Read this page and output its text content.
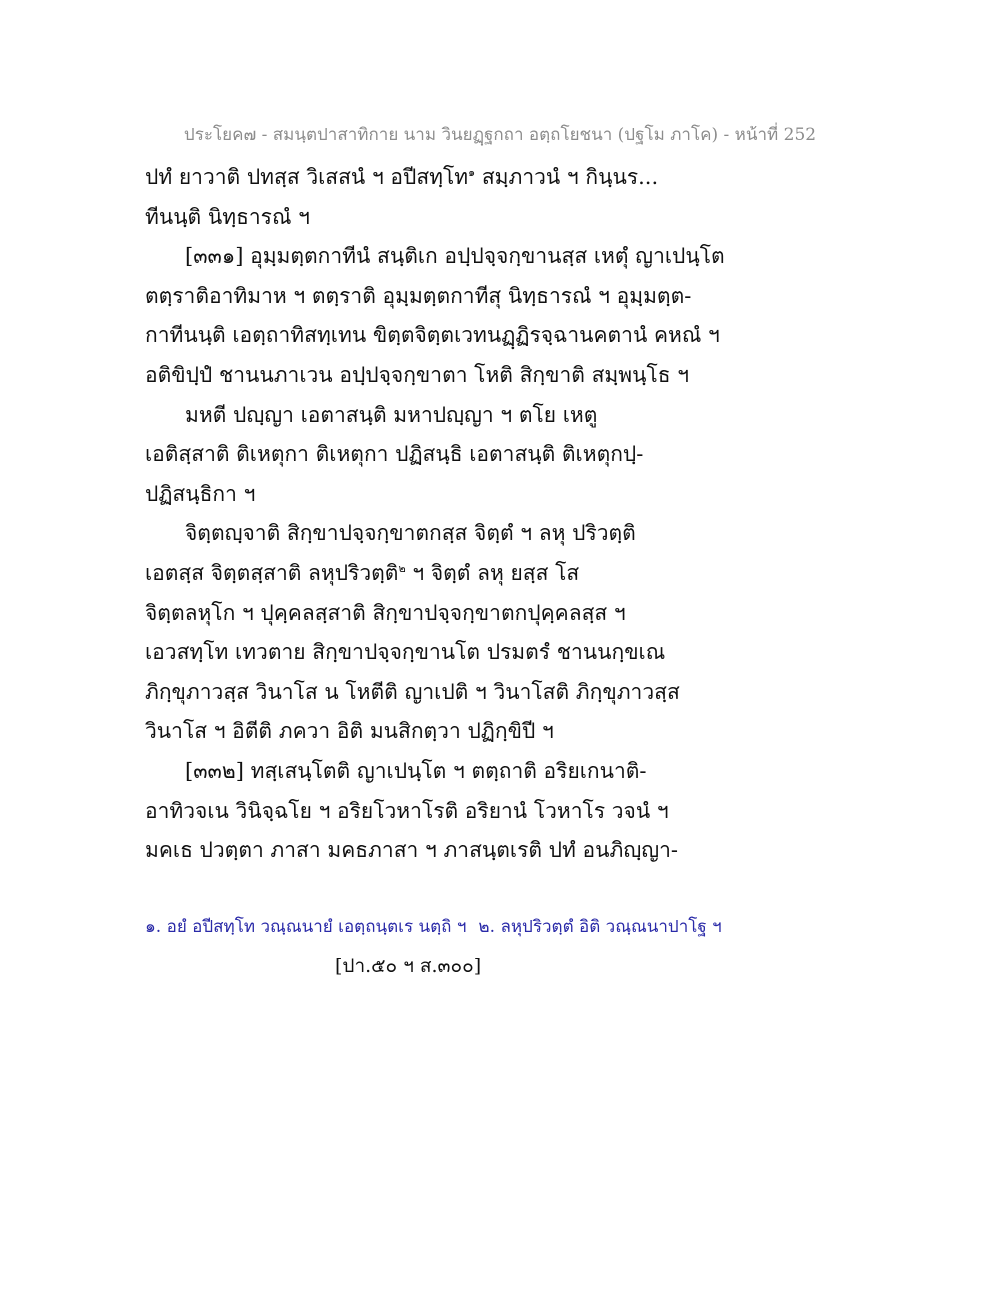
ประโยค๗ - สมนฺตปาสาทิกาย นาม วินยฏฺฐกถา อตฺถโยชนา (ปฐโม ภาโค) - หน้าที่ 252
ปทํ ยาวาติ ปทสฺส วิเสสนํ ฯ อปีสทฺโท$^๑$ สมฺภาวนํ ฯ กินฺนร...
ทีนนฺติ นิทฺธารณํ ฯ
[๓๓๑] อุมฺมตฺตกาทีนํ สนฺติเก อปฺปจฺจกฺขานสฺส เหตุํ ญาเปนฺโต
ตตฺราติอาทิมาห ฯ ตตฺราติ อุมฺมตฺตกาทีสุ นิทฺธารณํ ฯ อุมฺมตฺต-
กาทีนนฺติ เอตฺถาทิสทฺเทน ขิตฺตจิตฺตเวทนฏฺฏิรจฺฉานคตานํ คหณํ ฯ
อติขิปฺปํ ชานนภาเวน อปฺปจฺจกฺขาตา โหติ สิกฺขาติ สมฺพนฺโธ ฯ
มหตี ปญฺญา เอตาสนฺติ มหาปญฺญา ฯ ตโย เหตู
เอติสฺสาติ ติเหตุกา ติเหตุกา ปฏิสนฺธิ เอตาสนฺติ ติเหตุกปฺ-
ปฏิสนฺธิกา ฯ
จิตฺตญฺจาติ สิกฺขาปจฺจกฺขาตกสฺส จิตฺตํ ฯ ลหุ ปริวตฺติ
เอตสฺส จิตฺตสฺสาติ ลหุปริวตฺติ$^๒$ ฯ จิตฺตํ ลหุ ยสฺส โส
จิตฺตลหุโก ฯ ปุคฺคลสฺสาติ สิกฺขาปจฺจกฺขาตกปุคฺคลสฺส ฯ
เอวสทฺโท เทวตาย สิกฺขาปจฺจกฺขานโต ปรมตรํ ชานนกฺขเณ
ภิกฺขุภาวสฺส วินาโส น โหตีติ ญาเปติ ฯ วินาโสติ ภิกฺขุภาวสฺส
วินาโส ฯ อิตีติ ภควา อิติ มนสิกตฺวา ปฏิกฺขิปี ฯ
[๓๓๒] ทสฺเสนฺโตติ ญาเปนฺโต ฯ ตตฺถาติ อริยเกนาติ-
อาทิวจเน วินิจฺฉโย ฯ อริยโวหาโรติ อริยานํ โวหาโร วจนํ ฯ
มคเธ ปวตฺตา ภาสา มคธภาสา ฯ ภาสนฺตเรติ ปทํ อนภิญฺญา-
๑. อยํ อปีสทฺโท วณฺณนายํ เอตฺถนฺตเร นตฺถิ ฯ ๒. ลหุปริวตฺตํ อิติ วณฺณนาปาโฐ ฯ
[ปา.๕๐ ฯ ส.๓๐๐]
